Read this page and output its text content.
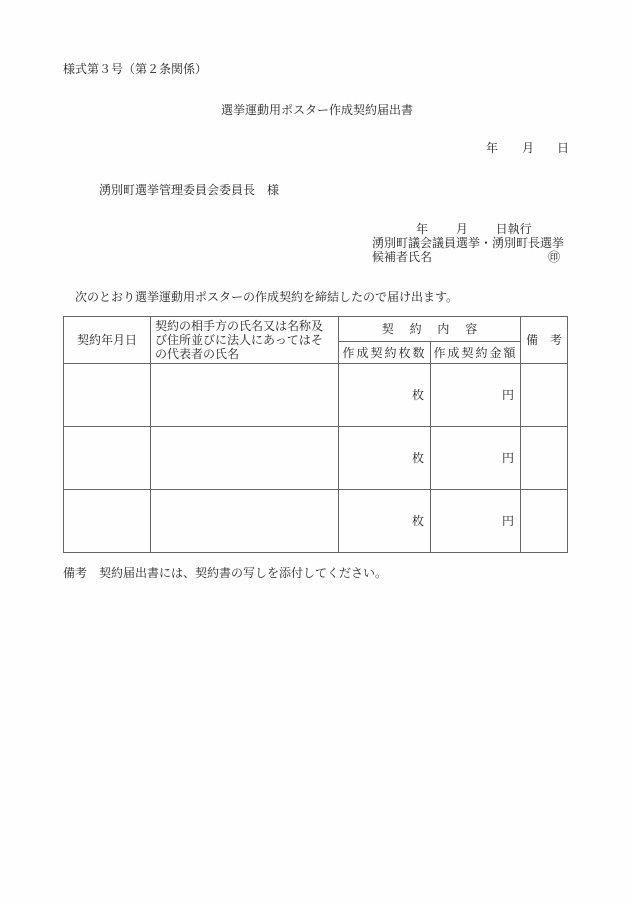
様式第３号（第２条関係）
選挙運動用ポスター作成契約届出書
年 月 日
湧別町選挙管理委員会委員長　様
年　　 月　　 日執行
湧別町議会議員選挙・湧別町長選挙
候補者氏名	㊞
次のとおり選挙運動用ポスターの作成契約を締結したので届け出ます。
契約年月日	契約の相手方の氏名又は名称及び住所並びに法人にあってはその代表者の氏名	契　 約　 内　 容		備　考
		作成契約枚数	作成契約金額	
		枚	円	
		枚	円	
		枚	円	
備考　契約届出書には、契約書の写しを添付してください。
